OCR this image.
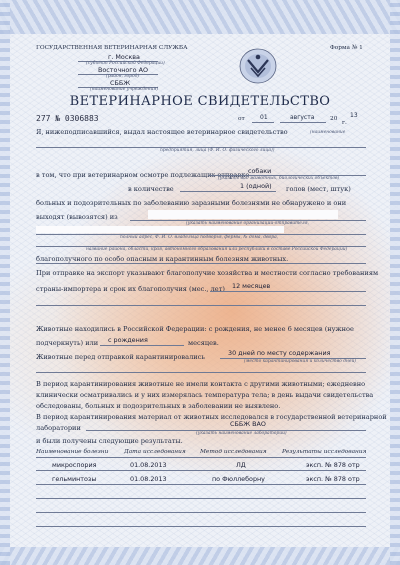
ГОСУДАРСТВЕННАЯ ВЕТЕРИНАРНАЯ СЛУЖБА	Форма № 1
г. Москва
(субъект Российской Федерации)
Восточного АО
(район, город)
СББЖ
(наименование учреждения)
ВЕТЕРИНАРНОЕ СВИДЕТЕЛЬСТВО
277 № 0306883	от	01	августа	20 13
г.
Я, нижеподписавшийся, выдал настоящее ветеринарное свидетельство	(наименование
предприятия, лица (Ф. И. О. физического лица))
в том, что при ветеринарном осмотре подлежащих отправке
собаки
(указать вид животных, биологических объектов)
в количестве	1 (одной) голов (мест, штук)
больных и подозрительных по заболеванию заразными болезнями не обнаружено и они
выходят (вывозятся) из
(указать наименование организации-отправителя,
полный адрес, Ф. И. О. владельца подворья, фермы, № дома, двора,
название района, области, края, автономного образования или республики в составе Российской Федерации)
благополучного по особо опасным и карантинным болезням животных.
При отправке на экспорт указывают благополучие хозяйства и местности согласно требованиям
страны-импортера и срок их благополучия (мес., лет) 12 месяцев
Животные находились в Российской Федерации: с рождения, не менее 6 месяцев (нужное
подчеркнуть) или с рождения	месяцев.
Животные перед отправкой карантинировались	30 дней по месту содержания
(место карантинирования и количество дней)
В период карантинирования животные не имели контакта с другими животными; ежедневно
клинически осматривались и у них измерялась температура тела; в день выдачи свидетельства
обследованы, больных и подозрительных в заболевании не выявлено.
В период карантинирования материал от животных исследовался в государственной ветеринарной
лаборатории	СББЖ ВАО
(указать наименование лаборатории)
и были получены следующие результаты.
Наименование болезни	Дата исследования Метод исследования	Результаты исследования
микроспория	01.08.2013	ЛД	эксп. № 878 отр
гельминтозы	01.08.2013	по Фюллеборну	эксп. № 878 отр
